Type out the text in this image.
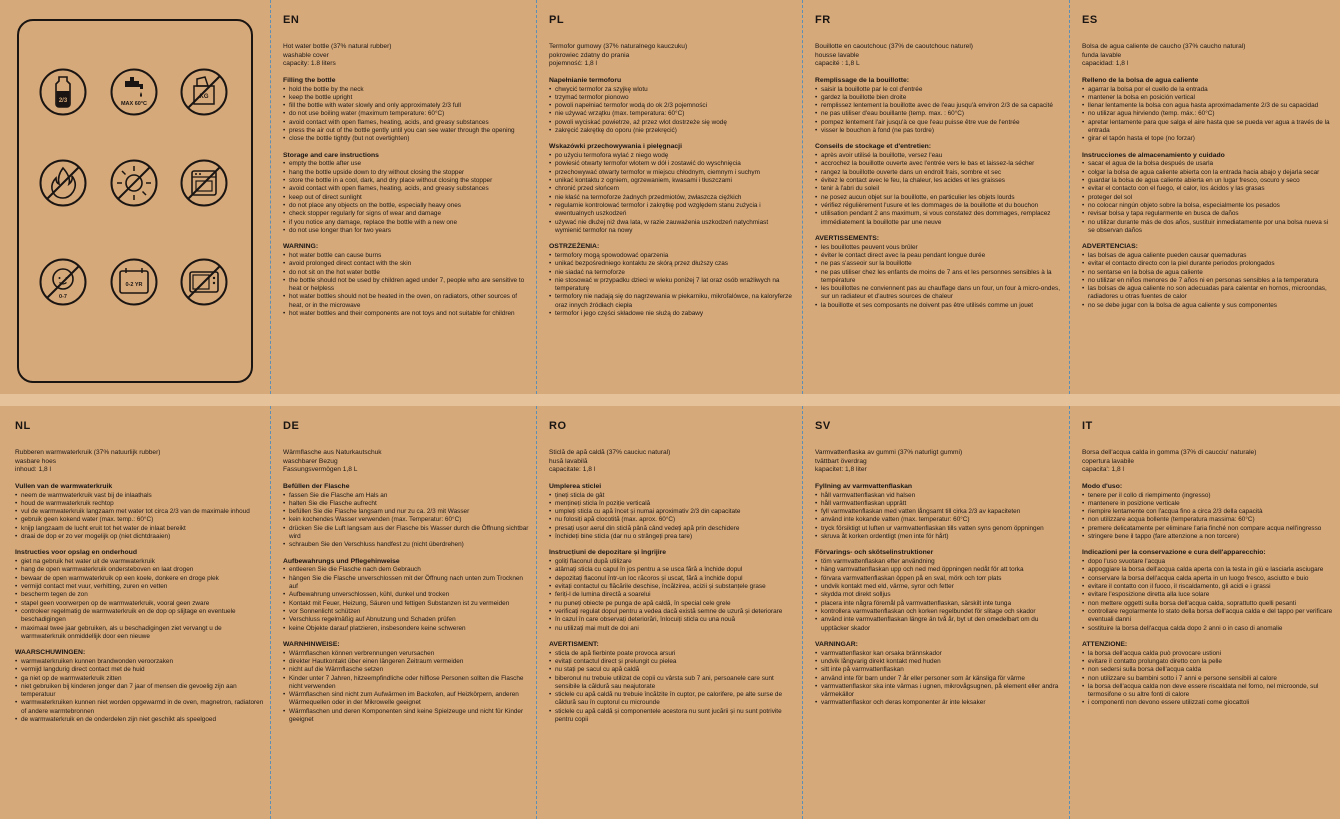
2/3	MAX 60°C
KG
0-7
0-2 YR
EN
Hot water bottle (37% natural rubber)
washable cover
capacity: 1.8 liters
Filling the bottle
• hold the bottle by the neck
• keep the bottle upright
• fill the bottle with water slowly and only approximately 2/3 full
• do not use boiling water (maximum temperature: 60°C)
• avoid contact with open flames, heating, acids, and greasy substances
• press the air out of the bottle gently until you can see water through the opening
• close the bottle tightly (but not overtighten)
Storage and care instructions
• empty the bottle after use
• hang the bottle upside down to dry without closing the stopper
• store the bottle in a cool, dark, and dry place without closing the stopper
• avoid contact with open flames, heating, acids, and greasy substances
• keep out of direct sunlight
• do not place any objects on the bottle, especially heavy ones
• check stopper regularly for signs of wear and damage
• if you notice any damage, replace the bottle with a new one
• do not use longer than for two years
WARNING:
• hot water bottle can cause burns
• avoid prolonged direct contact with the skin
• do not sit on the hot water bottle
• the bottle should not be used by children aged under 7, people who are sensitive to heat or helpless
• hot water bottles should not be heated in the oven, on radiators, other sources of heat, or in the microwave
• hot water bottles and their components are not toys and not suitable for children
PL
Termofor gumowy (37% naturalnego kauczuku)
pokrowiec zdatny do prania
pojemność: 1,8 l
Napełnianie termoforu
• chwycić termofor za szyjkę wlotu
• trzymać termofor pionowo
• powoli napełniać termofor wodą do ok 2/3 pojemności
• nie używać wrzątku (max. temperatura: 60°C)
• powoli wyciskać powietrze, aż przez wlot dostrzeże się wodę
• zakręcić zakrętkę do oporu (nie przekręcić)
Wskazówki przechowywania i pielęgnacji
• po użyciu termofora wylać z niego wodę
• powiesić otwarty termofor wlotem w dół i zostawić do wyschnięcia
• przechowywać otwarty termofor w miejscu chłodnym, ciemnym i suchym
• unikać kontaktu z ogniem, ogrzewaniem, kwasami i tłuszczami
• chronić przed słońcem
• nie kłaść na termoforze żadnych przedmiotów, zwłaszcza ciężkich
• regularnie kontrolować termofor i zakrętkę pod względem stanu zużycia i ewentualnych uszkodzeń
• używać nie dłużej niż dwa lata, w razie zauważenia uszkodzeń natychmiast wymienić termofor na nowy
OSTRZEŻENIA:
• termofory mogą spowodować oparzenia
• unikać bezpośredniego kontaktu ze skórą przez dłuższy czas
• nie siadać na termoforze
• nie stosować w przypadku dzieci w wieku poniżej 7 lat oraz osób wrażliwych na temperaturę
• termofory nie nadają się do nagrzewania w piekarniku, mikrofalówce, na kaloryferze oraz innych źródłach ciepła
• termofor i jego części składowe nie służą do zabawy
FR
Bouillotte en caoutchouc (37% de caoutchouc naturel)
housse lavable
capacité : 1,8 L
Remplissage de la bouillotte:
• saisir la bouillotte par le col d'entrée
• gardez la bouillotte bien droite
• remplissez lentement la bouillotte avec de l'eau jusqu'à environ 2/3 de sa capacité
• ne pas utiliser d'eau bouillante (temp. max. : 60°C)
• pompez lentement l'air jusqu'à ce que l'eau puisse être vue de l'entrée
• visser le bouchon à fond (ne pas tordre)
Conseils de stockage et d'entretien:
• après avoir utilisé la bouillotte, versez l'eau
• accrochez la bouillotte ouverte avec l'entrée vers le bas et laissez-la sécher
• rangez la bouillotte ouverte dans un endroit frais, sombre et sec
• évitez le contact avec le feu, la chaleur, les acides et les graisses
• tenir à l'abri du soleil
• ne posez aucun objet sur la bouillotte, en particulier les objets lourds
• vérifiez régulièrement l'usure et les dommages de la bouillotte et du bouchon
• utilisation pendant 2 ans maximum, si vous constatez des dommages, remplacez immédiatement la bouillotte par une neuve
AVERTISSEMENTS:
• les bouillottes peuvent vous brûler
• éviter le contact direct avec la peau pendant longue durée
• ne pas s'asseoir sur la bouillotte
• ne pas utiliser chez les enfants de moins de 7 ans et les personnes sensibles à la température
• les bouillottes ne conviennent pas au chauffage dans un four, un four à micro-ondes, sur un radiateur et d'autres sources de chaleur
• la bouillotte et ses composants ne doivent pas être utilisés comme un jouet
ES
Bolsa de agua caliente de caucho (37% caucho natural)
funda lavable
capacidad: 1,8 l
Relleno de la bolsa de agua caliente
• agarrar la bolsa por el cuello de la entrada
• mantener la bolsa en posición vertical
• llenar lentamente la bolsa con agua hasta aproximadamente 2/3 de su capacidad
• no utilizar agua hirviendo (temp. máx.: 60°C)
• apretar lentamente para que salga el aire hasta que se pueda ver agua a través de la entrada
• girar el tapón hasta el tope (no forzar)
Instrucciones de almacenamiento y cuidado
• sacar el agua de la bolsa después de usarla
• colgar la bolsa de agua caliente abierta con la entrada hacia abajo y dejarla secar
• guardar la bolsa de agua caliente abierta en un lugar fresco, oscuro y seco
• evitar el contacto con el fuego, el calor, los ácidos y las grasas
• proteger del sol
• no colocar ningún objeto sobre la bolsa, especialmente los pesados
• revisar bolsa y tapa regularmente en busca de daños
• no utilizar durante más de dos años, sustituir inmediatamente por una bolsa nueva si se observan daños
ADVERTENCIAS:
• las bolsas de agua caliente pueden causar quemaduras
• evitar el contacto directo con la piel durante periodos prolongados
• no sentarse en la bolsa de agua caliente
• no utilizar en niños menores de 7 años ni en personas sensibles a la temperatura
• las bolsas de agua caliente no son adecuadas para calentar en hornos, microondas, radiadores u otras fuentes de calor
• no se debe jugar con la bolsa de agua caliente y sus componentes
NL
Rubberen warmwaterkruik (37% natuurlijk rubber)
wasbare hoes
inhoud: 1,8 l
Vullen van de warmwaterkruik
• neem de warmwaterkruik vast bij de inlaathals
• houd de warmwaterkruik rechtop
• vul de warmwaterkruik langzaam met water tot circa 2/3 van de maximale inhoud
• gebruik geen kokend water (max. temp.: 60°C)
• knijp langzaam de lucht eruit tot het water de inlaat bereikt
• draai de dop er zo ver mogelijk op (niet dichtdraaien)
Instructies voor opslag en onderhoud
• giet na gebruik het water uit de warmwaterkruik
• hang de open warmwaterkruik ondersteboven en laat drogen
• bewaar de open warmwaterkruik op een koele, donkere en droge plek
• vermijd contact met vuur, verhitting, zuren en vetten
• bescherm tegen de zon
• stapel geen voorwerpen op de warmwaterkruik, vooral geen zware
• controleer regelmatig de warmwaterkruik en de dop op slijtage en eventuele beschadigingen
• maximaal twee jaar gebruiken, als u beschadigingen ziet vervangt u de warmwaterkruik onmiddellijk door een nieuwe
WAARSCHUWINGEN:
• warmwaterkruiken kunnen brandwonden veroorzaken
• vermijd langdurig direct contact met de huid
• ga niet op de warmwaterkruik zitten
• niet gebruiken bij kinderen jonger dan 7 jaar of mensen die gevoelig zijn aan temperatuur
• warmwaterkruiken kunnen niet worden opgewarmd in de oven, magnetron, radiatoren of andere warmtebronnen
• de warmwaterkruik en de onderdelen zijn niet geschikt als speelgoed
DE
Wärmflasche aus Naturkautschuk
waschbarer Bezug
Fassungsvermögen 1,8 L
Befüllen der Flasche
• fassen Sie die Flasche am Hals an
• halten Sie die Flasche aufrecht
• befüllen Sie die Flasche langsam und nur zu ca. 2/3 mit Wasser
• kein kochendes Wasser verwenden (max. Temperatur: 60°C)
• drücken Sie die Luft langsam aus der Flasche bis Wasser durch die Öffnung sichtbar wird
• schrauben Sie den Verschluss handfest zu (nicht überdrehen)
Aufbewahrungs und Pflegehinweise
• entleeren Sie die Flasche nach dem Gebrauch
• hängen Sie die Flasche unverschlossen mit der Öffnung nach unten zum Trocknen auf
• Aufbewahrung unverschlossen, kühl, dunkel und trocken
• Kontakt mit Feuer, Heizung, Säuren und fettigen Substanzen ist zu vermeiden
• vor Sonnenlicht schützen
• Verschluss regelmäßig auf Abnutzung und Schaden prüfen
• keine Objekte darauf platzieren, insbesondere keine schweren
WARNHINWEISE:
• Wärmflaschen können verbrennungen verursachen
• direkter Hautkontakt über einen längeren Zeitraum vermeiden
• nicht auf die Wärmflasche setzen
• Kinder unter 7 Jahren, hitzeempfindliche oder hilflose Personen sollten die Flasche nicht verwenden
• Wärmflaschen sind nicht zum Aufwärmen im Backofen, auf Heizkörpern, anderen Wärmequellen oder in der Mikrowelle geeignet
• Wärmflaschen und deren Komponenten sind keine Spielzeuge und nicht für Kinder geeignet
RO
Sticlă de apă caldă (37% cauciuc natural)
husă lavabilă
capacitate: 1,8 l
Umplerea sticlei
• țineți sticla de gât
• mențineți sticla în poziție verticală
• umpleți sticla cu apă încet și numai aproximativ 2/3 din capacitate
• nu folosiți apă clocotită (max. aprox. 60°C)
• presați ușor aerul din sticlă până când vedeți apă prin deschidere
• închideți bine sticla (dar nu o strângeți prea tare)
Instrucțiuni de depozitare și îngrijire
• goliți flaconul după utilizare
• atârnați sticla cu capul în jos pentru a se usca fără a închide dopul
• depozitați flaconul într-un loc răcoros și uscat, fără a închide dopul
• evitați contactul cu flăcările deschise, încălzirea, acizii și substanțele grase
• feriți-l de lumina directă a soarelui
• nu puneți obiecte pe punga de apă caldă, în special cele grele
• verificați regulat dopul pentru a vedea dacă există semne de uzură și deteriorare
• în cazul în care observați deteriorări, înlocuiți sticla cu una nouă
• nu utilizați mai mult de doi ani
AVERTISMENT:
• sticla de apă fierbinte poate provoca arsuri
• evitați contactul direct și prelungit cu pielea
• nu stați pe sacul cu apă caldă
• biberonul nu trebuie utilizat de copii cu vârsta sub 7 ani, persoanele care sunt sensibile la căldură sau neajutorate
• sticlele cu apă caldă nu trebuie încălzite în cuptor, pe calorifere, pe alte surse de căldură sau în cuptorul cu microunde
• sticlele cu apă caldă și componentele acestora nu sunt jucării și nu sunt potrivite pentru copii
SV
Varmvattenflaska av gummi (37% naturligt gummi)
tvättbart överdrag
kapacitet: 1,8 liter
Fyllning av varmvattenflaskan
• håll varmvattenflaskan vid halsen
• håll varmvattenflaskan upprätt
• fyll varmvattenflaskan med vatten långsamt till cirka 2/3 av kapaciteten
• använd inte kokande vatten (max. temperatur: 60°C)
• tryck försiktigt ut luften ur varmvattenflaskan tills vatten syns genom öppningen
• skruva åt korken ordentligt (men inte för hårt)
Förvarings- och skötselinstruktioner
• töm varmvattenflaskan efter användning
• häng varmvattenflaskan upp och ned med öppningen nedåt för att torka
• förvara varmvattenflaskan öppen på en sval, mörk och torr plats
• undvik kontakt med eld, värme, syror och fetter
• skydda mot direkt solljus
• placera inte några föremål på varmvattenflaskan, särskilt inte tunga
• kontrollera varmvattenflaskan och korken regelbundet för slitage och skador
• använd inte varmvattenflaskan längre än två år, byt ut den omedelbart om du upptäcker skador
VARNINGAR:
• varmvattenflaskor kan orsaka brännskador
• undvik långvarig direkt kontakt med huden
• sitt inte på varmvattenflaskan
• använd inte för barn under 7 år eller personer som är känsliga för värme
• varmvattenflaskor ska inte värmas i ugnen, mikrovågsugnen, på element eller andra värmekällor
• varmvattenflaskor och deras komponenter är inte leksaker
IT
Borsa dell'acqua calda in gomma (37% di caucciu' naturale)
copertura lavabile
capacita': 1,8 l
Modo d'uso:
• tenere per il collo di riempimento (ingresso)
• mantenere in posizione verticale
• riempire lentamente con l'acqua fino a circa 2/3 della capacità
• non utilizzare acqua bollente (temperatura massima: 60°C)
• premere delicatamente per eliminare l'aria finché non compare acqua nell'ingresso
• stringere bene il tappo (fare attenzione a non torcere)
Indicazioni per la conservazione e cura dell'apparecchio:
• dopo l'uso svuotare l'acqua
• appoggiare la borsa dell'acqua calda aperta con la testa in giù e lasciarla asciugare
• conservare la borsa dell'acqua calda aperta in un luogo fresco, asciutto e buio
• evitare il contatto con il fuoco, il riscaldamento, gli acidi e i grassi
• evitare l'esposizione diretta alla luce solare
• non mettere oggetti sulla borsa dell'acqua calda, soprattutto quelli pesanti
• controllare regolarmente lo stato della borsa dell'acqua calda e del tappo per verificare eventuali danni
• sostituire la borsa dell'acqua calda dopo 2 anni o in caso di anomalie
ATTENZIONE:
• la borsa dell'acqua calda può provocare ustioni
• evitare il contatto prolungato diretto con la pelle
• non sedersi sulla borsa dell'acqua calda
• non utilizzare su bambini sotto i 7 anni e persone sensibili al calore
• la borsa dell'acqua calda non deve essere riscaldata nel forno, nel microonde, sul termosifone o su altre fonti di calore
• i componenti non devono essere utilizzati come giocattoli
